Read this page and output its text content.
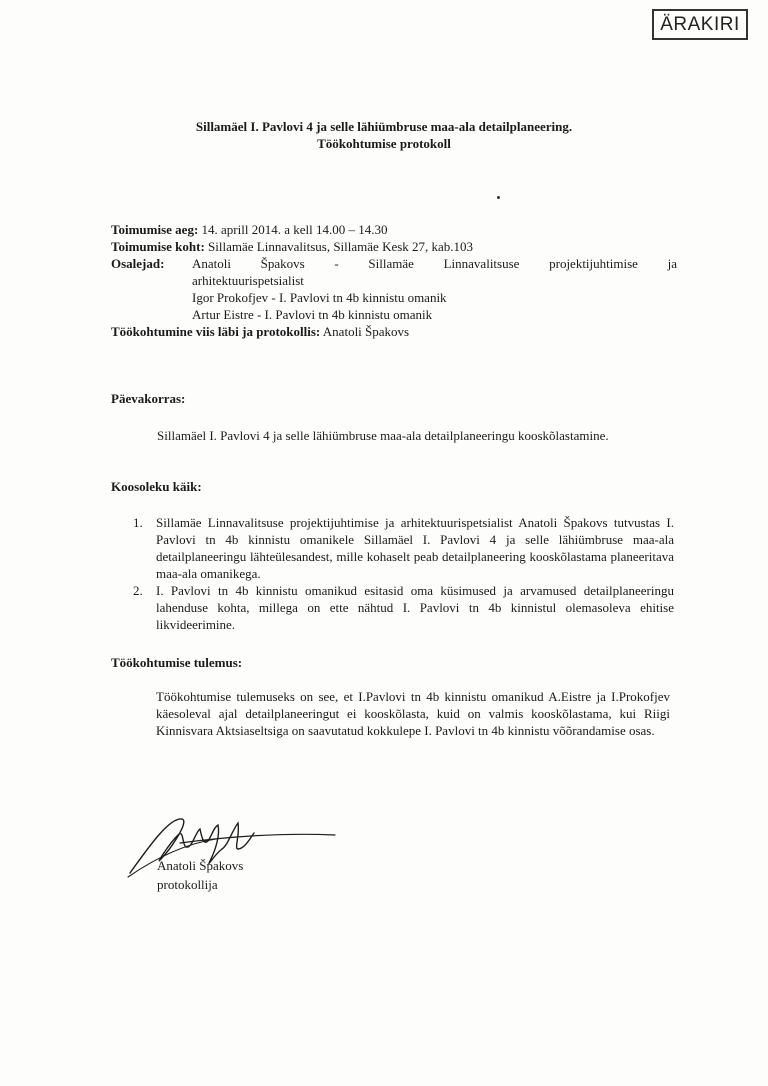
ÄRAKIRI
Sillamäel I. Pavlovi 4 ja selle lähiümbruse maa-ala detailplaneering.
Töökohtumise protokoll
Toimumise aeg: 14. aprill 2014. a kell 14.00 – 14.30
Toimumise koht: Sillamäe Linnavalitsus, Sillamäe Kesk 27, kab.103
Osalejad: Anatoli Špakovs - Sillamäe Linnavalitsuse projektijuhtimise ja
arhitektuurispetsialist
Igor Prokofjev - I. Pavlovi tn 4b kinnistu omanik
Artur Eistre - I. Pavlovi tn 4b kinnistu omanik
Töökohtumine viis läbi ja protokollis: Anatoli Špakovs
Päevakorras:
Sillamäel I. Pavlovi 4 ja selle lähiümbruse maa-ala detailplaneeringu kooskõlastamine.
Koosoleku käik:
1. Sillamäe Linnavalitsuse projektijuhtimise ja arhitektuurispetsialist Anatoli Špakovs tutvustas I. Pavlovi tn 4b kinnistu omanikele Sillamäel I. Pavlovi 4 ja selle lähiümbruse maa-ala detailplaneeringu lähteülesandest, mille kohaselt peab detailplaneering kooskõlastama planeeritava maa-ala omanikega.
2. I. Pavlovi tn 4b kinnistu omanikud esitasid oma küsimused ja arvamused detailplaneeringu lahenduse kohta, millega on ette nähtud I. Pavlovi tn 4b kinnistul olemasoleva ehitise likvideerimine.
Töökohtumise tulemus:
Töökohtumise tulemuseks on see, et I.Pavlovi tn 4b kinnistu omanikud A.Eistre ja I.Prokofjev käesoleval ajal detailplaneeringut ei kooskõlasta, kuid on valmis kooskõlastama, kui Riigi Kinnisvara Aktsiaseltsiga on saavutatud kokkulepe I. Pavlovi tn 4b kinnistu võõrandamise osas.
Anatoli Špakovs
protokollija
